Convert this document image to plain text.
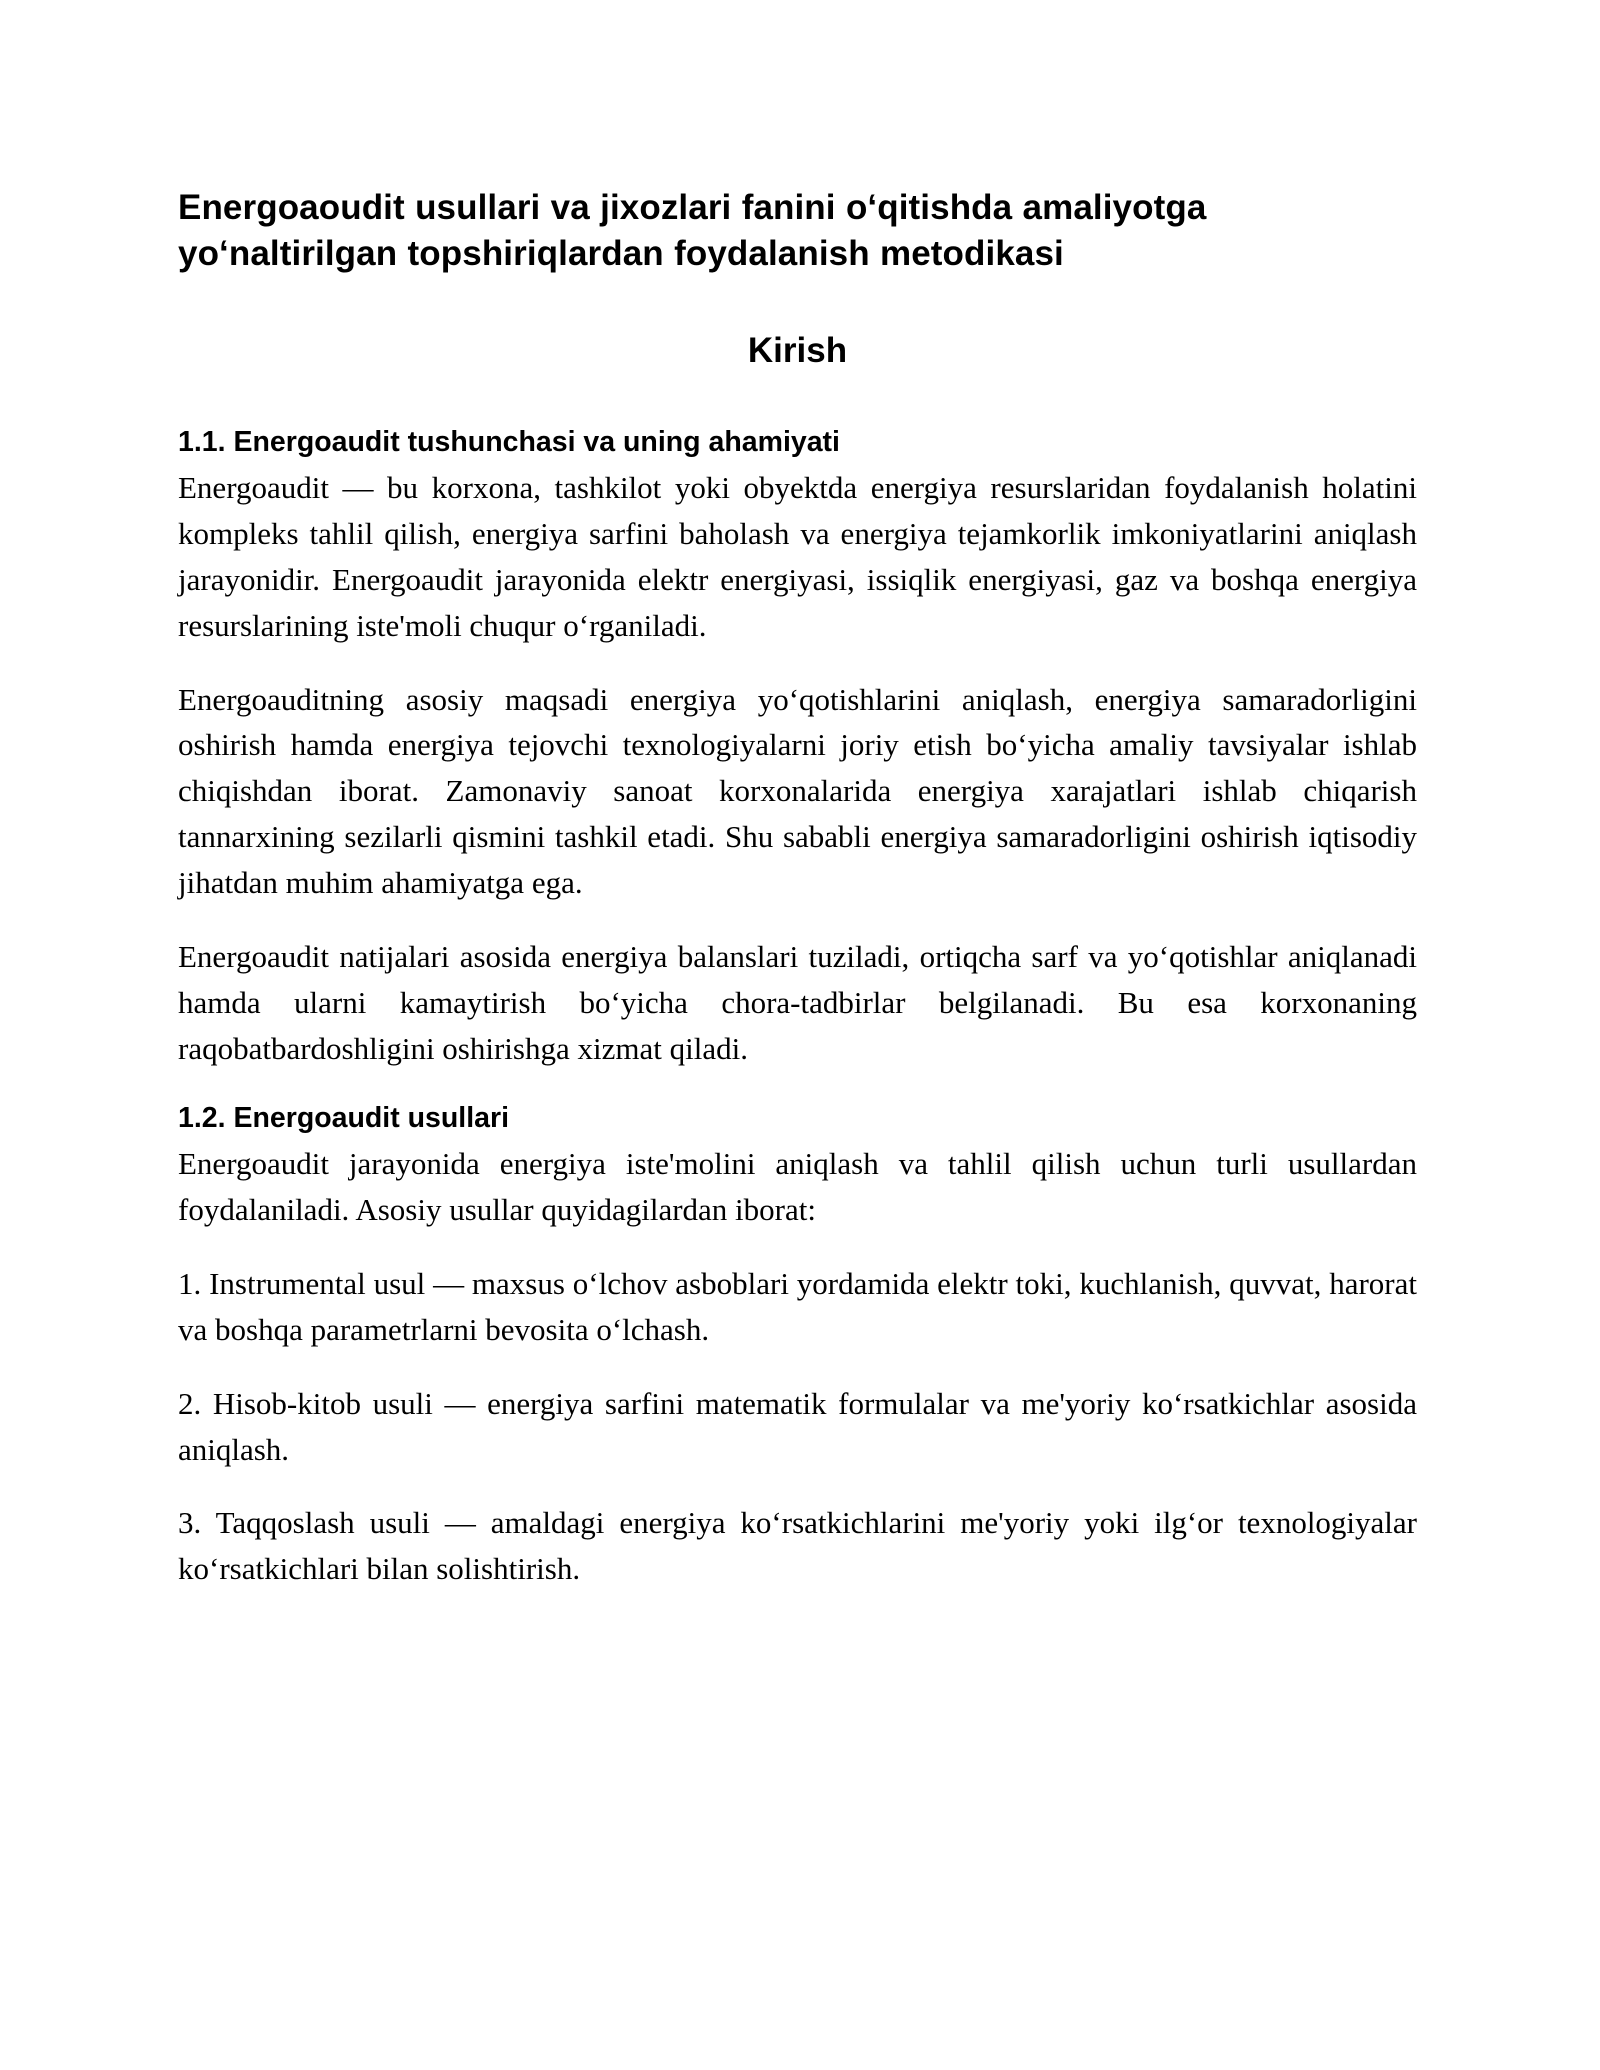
Energoaoudit usullari va jixozlari fanini oʻqitishda amaliyotga
yoʻnaltirilgan topshiriqlardan foydalanish metodikasi
Kirish
1.1. Energoaudit tushunchasi va uning ahamiyati

Energoaudit — bu korxona, tashkilot yoki obyektda energiya resurslaridan foydalanish holatini kompleks tahlil qilish, energiya sarfini baholash va energiya tejamkorlik imkoniyatlarini aniqlash jarayonidir. Energoaudit jarayonida elektr energiyasi, issiqlik energiyasi, gaz va boshqa energiya resurslarining iste'moli chuqur oʻrganiladi.

Energoauditning asosiy maqsadi energiya yoʻqotishlarini aniqlash, energiya samaradorligini oshirish hamda energiya tejovchi texnologiyalarni joriy etish boʻyicha amaliy tavsiyalar ishlab chiqishdan iborat. Zamonaviy sanoat korxonalarida energiya xarajatlari ishlab chiqarish tannarxining sezilarli qismini tashkil etadi. Shu sababli energiya samaradorligini oshirish iqtisodiy jihatdan muhim ahamiyatga ega.

Energoaudit natijalari asosida energiya balanslari tuziladi, ortiqcha sarf va yoʻqotishlar aniqlanadi hamda ularni kamaytirish boʻyicha chora-tadbirlar belgilanadi. Bu esa korxonaning raqobatbardoshligini oshirishga xizmat qiladi.

1.2. Energoaudit usullari

Energoaudit jarayonida energiya iste'molini aniqlash va tahlil qilish uchun turli usullardan foydalaniladi. Asosiy usullar quyidagilardan iborat:

1. Instrumental usul — maxsus oʻlchov asboblari yordamida elektr toki, kuchlanish, quvvat, harorat va boshqa parametrlarni bevosita oʻlchash.

2. Hisob-kitob usuli — energiya sarfini matematik formulalar va me'yoriy koʻrsatkichlar asosida aniqlash.

3. Taqqoslash usuli — amaldagi energiya koʻrsatkichlarini me'yoriy yoki ilgʻor texnologiyalar koʻrsatkichlari bilan solishtirish.
